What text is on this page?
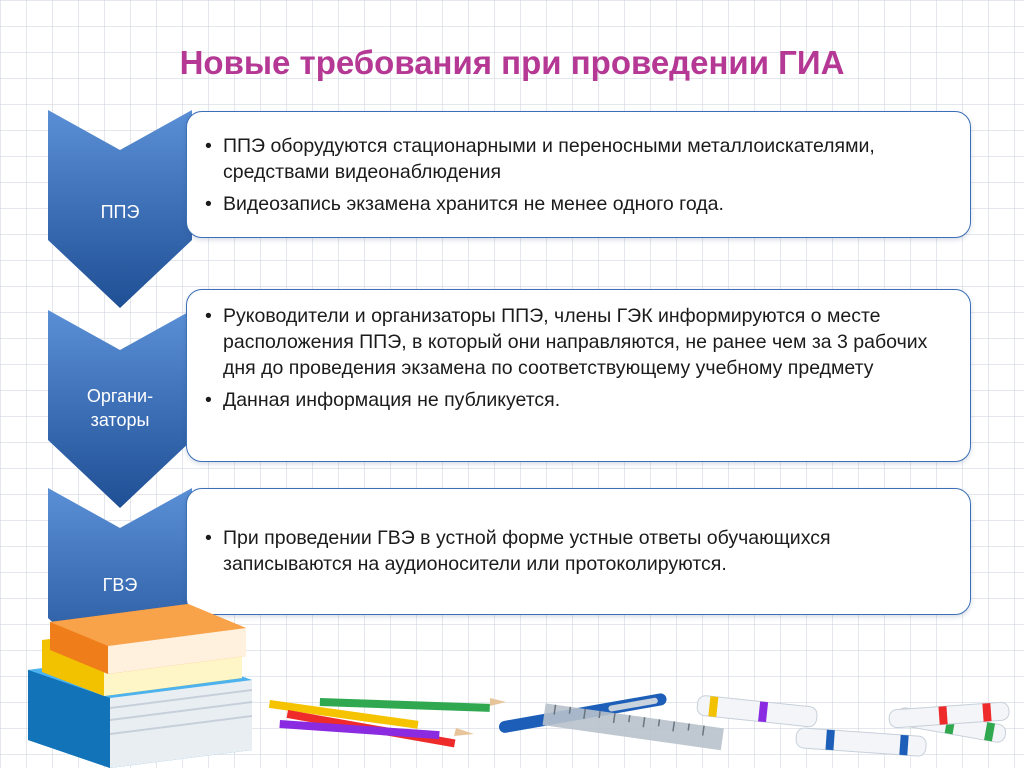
Новые требования при проведении ГИА
ППЭ
• ППЭ оборудуются стационарными и переносными металлоискателями, средствами видеонаблюдения
• Видеозапись экзамена хранится не менее одного года.
Органи-
заторы
• Руководители и организаторы ППЭ, члены ГЭК информируются о месте расположения ППЭ, в который они направляются, не ранее чем за 3 рабочих дня до проведения экзамена по соответствующему учебному предмету
• Данная информация не публикуется.
ГВЭ
• При проведении ГВЭ в устной форме устные ответы обучающихся записываются на аудионосители или протоколируются.
